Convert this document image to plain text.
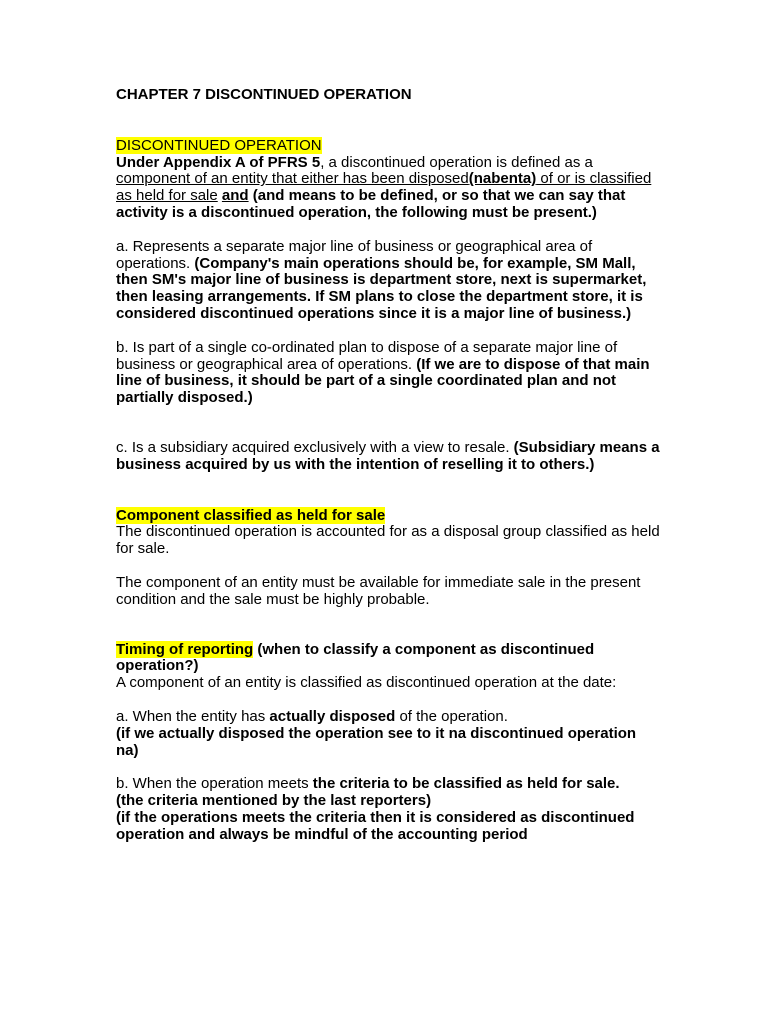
CHAPTER 7 DISCONTINUED OPERATION

DISCONTINUED OPERATION

Under Appendix A of PFRS 5, a discontinued operation is defined as a component of an entity that either has been disposed(nabenta) of or is classified as held for sale and (and means to be defined, or so that we can say that activity is a discontinued operation, the following must be present.)

a. Represents a separate major line of business or geographical area of operations. (Company's main operations should be, for example, SM Mall, then SM's major line of business is department store, next is supermarket, then leasing arrangements. If SM plans to close the department store, it is considered discontinued operations since it is a major line of business.)

b. Is part of a single co-ordinated plan to dispose of a separate major line of business or geographical area of operations. (If we are to dispose of that main line of business, it should be part of a single coordinated plan and not partially disposed.)

c. Is a subsidiary acquired exclusively with a view to resale. (Subsidiary means a business acquired by us with the intention of reselling it to others.)

Component classified as held for sale

The discontinued operation is accounted for as a disposal group classified as held for sale.

The component of an entity must be available for immediate sale in the present condition and the sale must be highly probable.

Timing of reporting (when to classify a component as discontinued operation?)

A component of an entity is classified as discontinued operation at the date:

a. When the entity has actually disposed of the operation.

(if we actually disposed the operation see to it na discontinued operation na)

b. When the operation meets the criteria to be classified as held for sale.

(the criteria mentioned by the last reporters)

(if the operations meets the criteria then it is considered as discontinued operation and always be mindful of the accounting period
